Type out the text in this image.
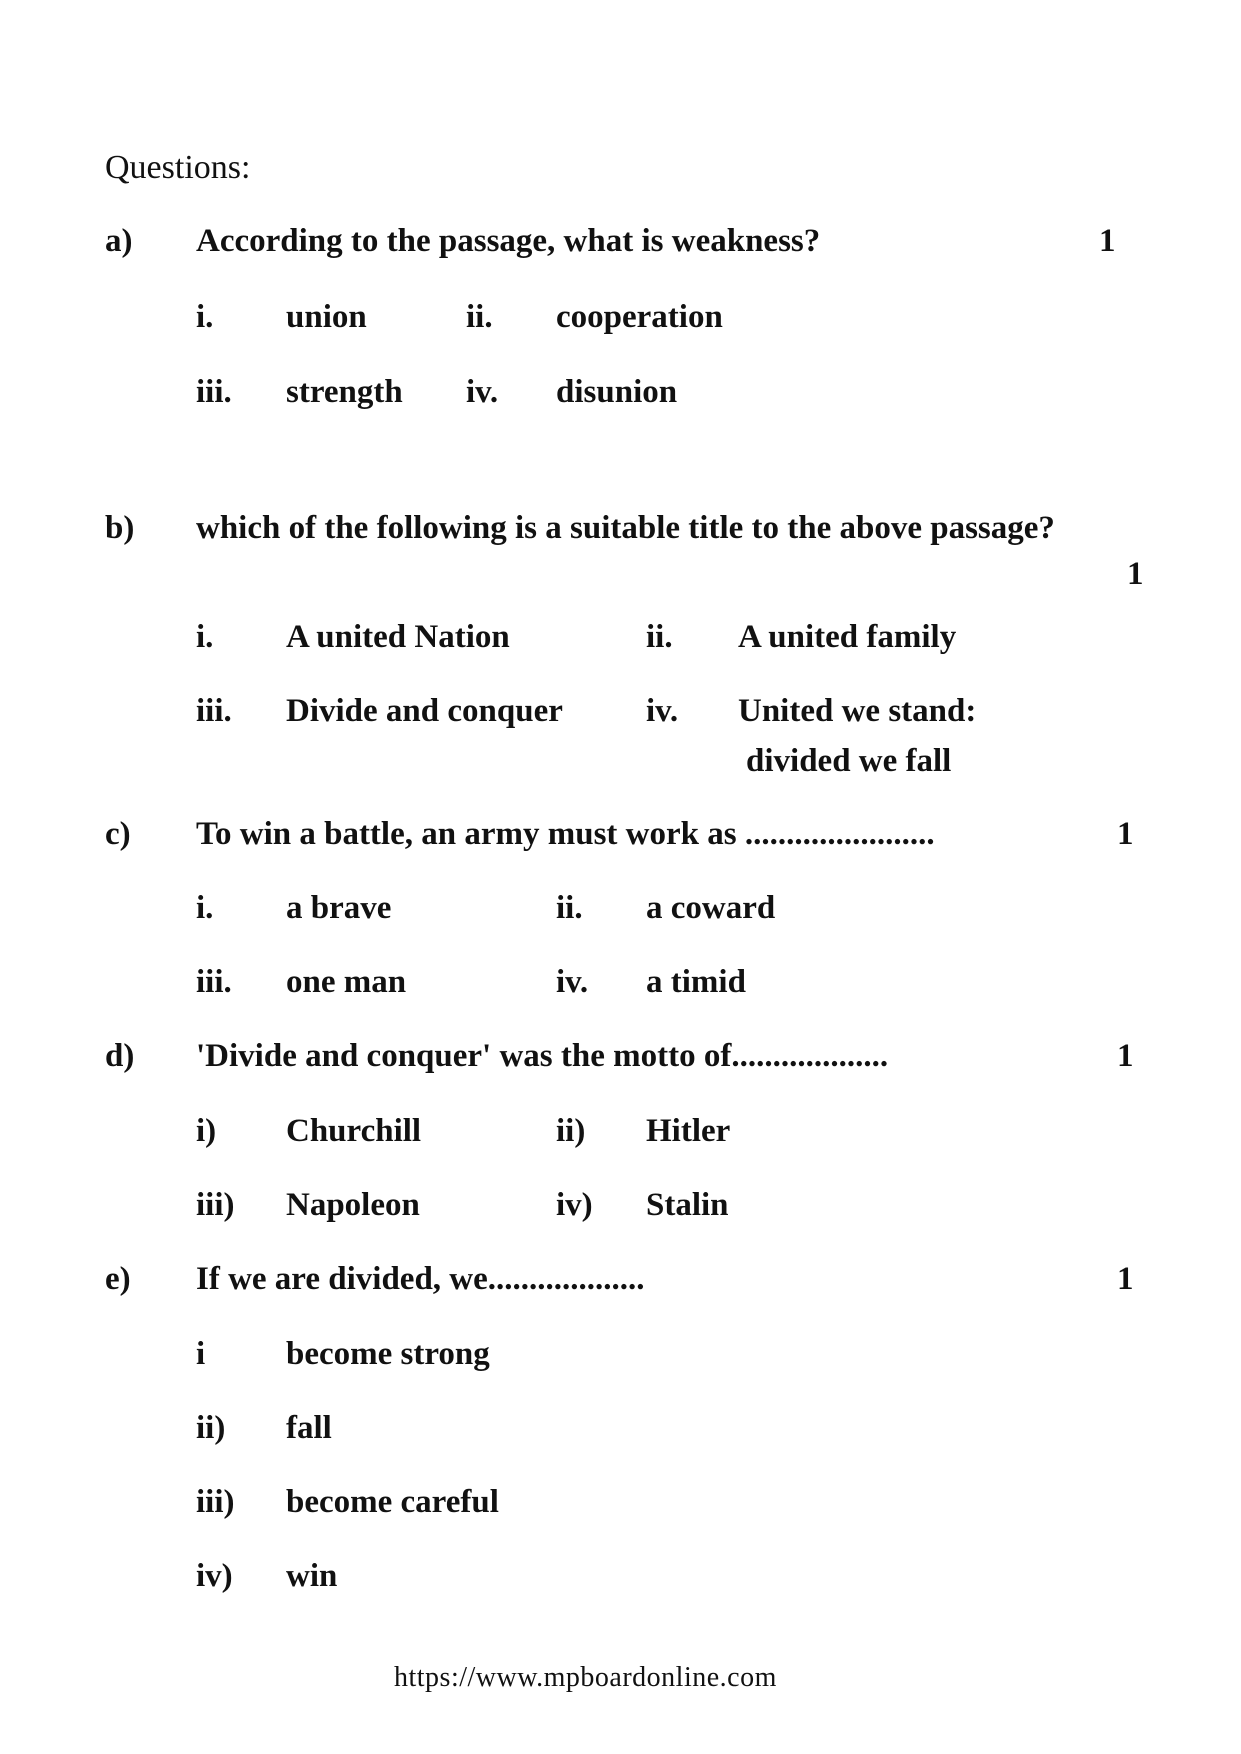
Questions:
a) According to the passage, what is weakness?	1
i. union	ii. cooperation
iii. strength iv. disunion
b) which of the following is a suitable title to the above passage?
1
i. A united Nation	ii. A united family
iii. Divide and conquer	iv. United we stand:
divided we fall
c) To win a battle, an army must work as .......................	1
i. a brave	ii. a coward
iii. one man	iv. a timid
d) 'Divide and conquer' was the motto of...................	1
i) Churchill	ii) Hitler
iii) Napoleon	iv) Stalin
e) If we are divided, we...................	1
i become strong
ii) fall
iii) become careful
iv) win
https://www.mpboardonline.com
